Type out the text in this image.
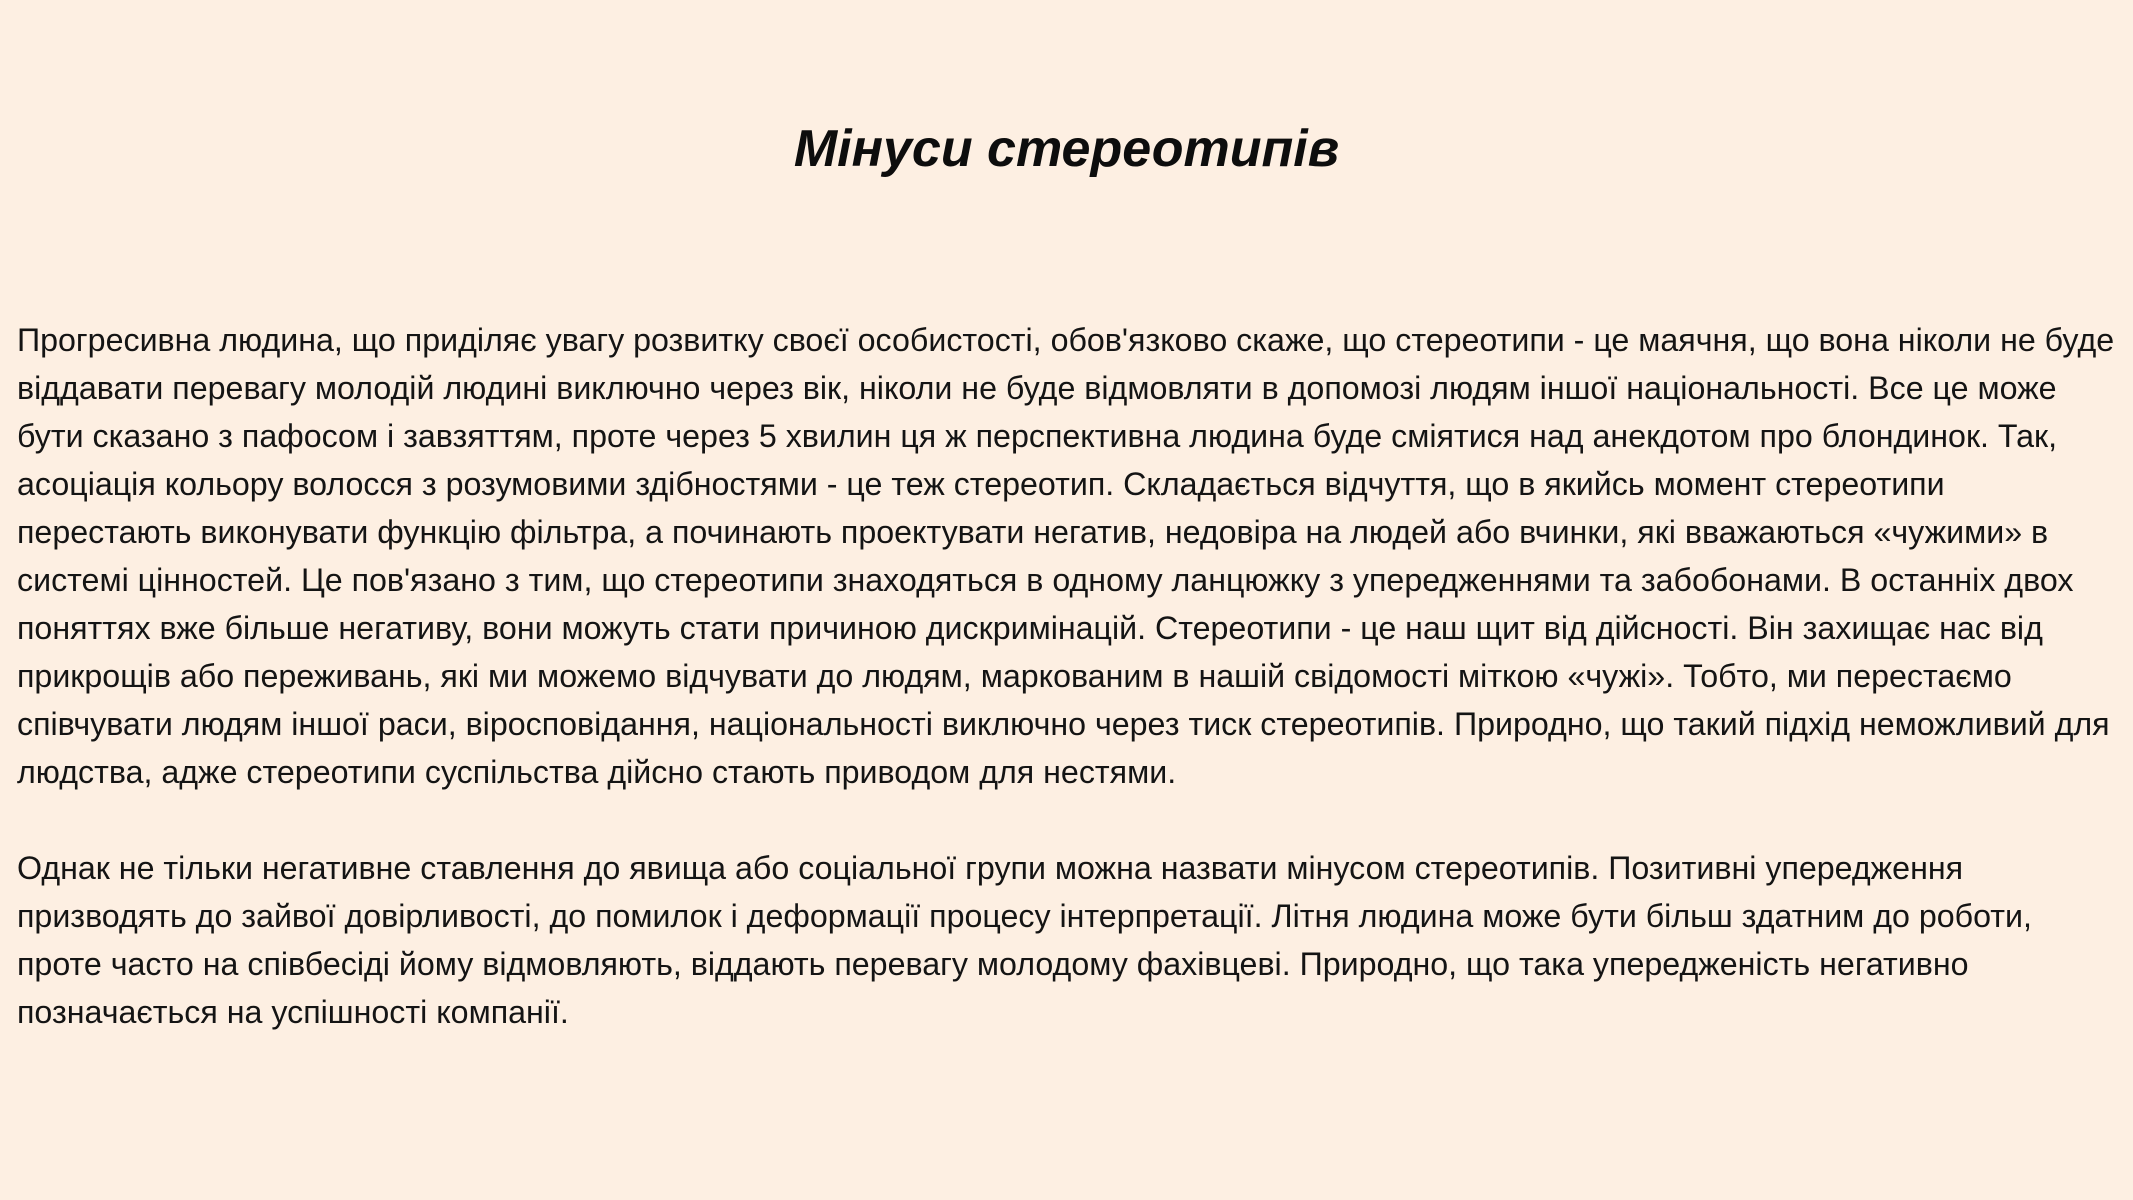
Мінуси стереотипів

Прогресивна людина, що приділяє увагу розвитку своєї особистості, обов'язково скаже, що стереотипи - це маячня, що вона ніколи не буде віддавати перевагу молодій людині виключно через вік, ніколи не буде відмовляти в допомозі людям іншої національності. Все це може бути сказано з пафосом і завзяттям, проте через 5 хвилин ця ж перспективна людина буде сміятися над анекдотом про блондинок. Так, асоціація кольору волосся з розумовими здібностями - це теж стереотип. Складається відчуття, що в якийсь момент стереотипи перестають виконувати функцію фільтра, а починають проектувати негатив, недовіра на людей або вчинки, які вважаються «чужими» в системі цінностей. Це пов'язано з тим, що стереотипи знаходяться в одному ланцюжку з упередженнями та забобонами. В останніх двох поняттях вже більше негативу, вони можуть стати причиною дискримінацій. Стереотипи - це наш щит від дійсності. Він захищає нас від прикрощів або переживань, які ми можемо відчувати до людям, маркованим в нашій свідомості міткою «чужі». Тобто, ми перестаємо співчувати людям іншої раси, віросповідання, національності виключно через тиск стереотипів. Природно, що такий підхід неможливий для людства, адже стереотипи суспільства дійсно стають приводом для нестями.

Однак не тільки негативне ставлення до явища або соціальної групи можна назвати мінусом стереотипів. Позитивні упередження призводять до зайвої довірливості, до помилок і деформації процесу інтерпретації. Літня людина може бути більш здатним до роботи, проте часто на співбесіді йому відмовляють, віддають перевагу молодому фахівцеві. Природно, що така упередженість негативно позначається на успішності компанії.
